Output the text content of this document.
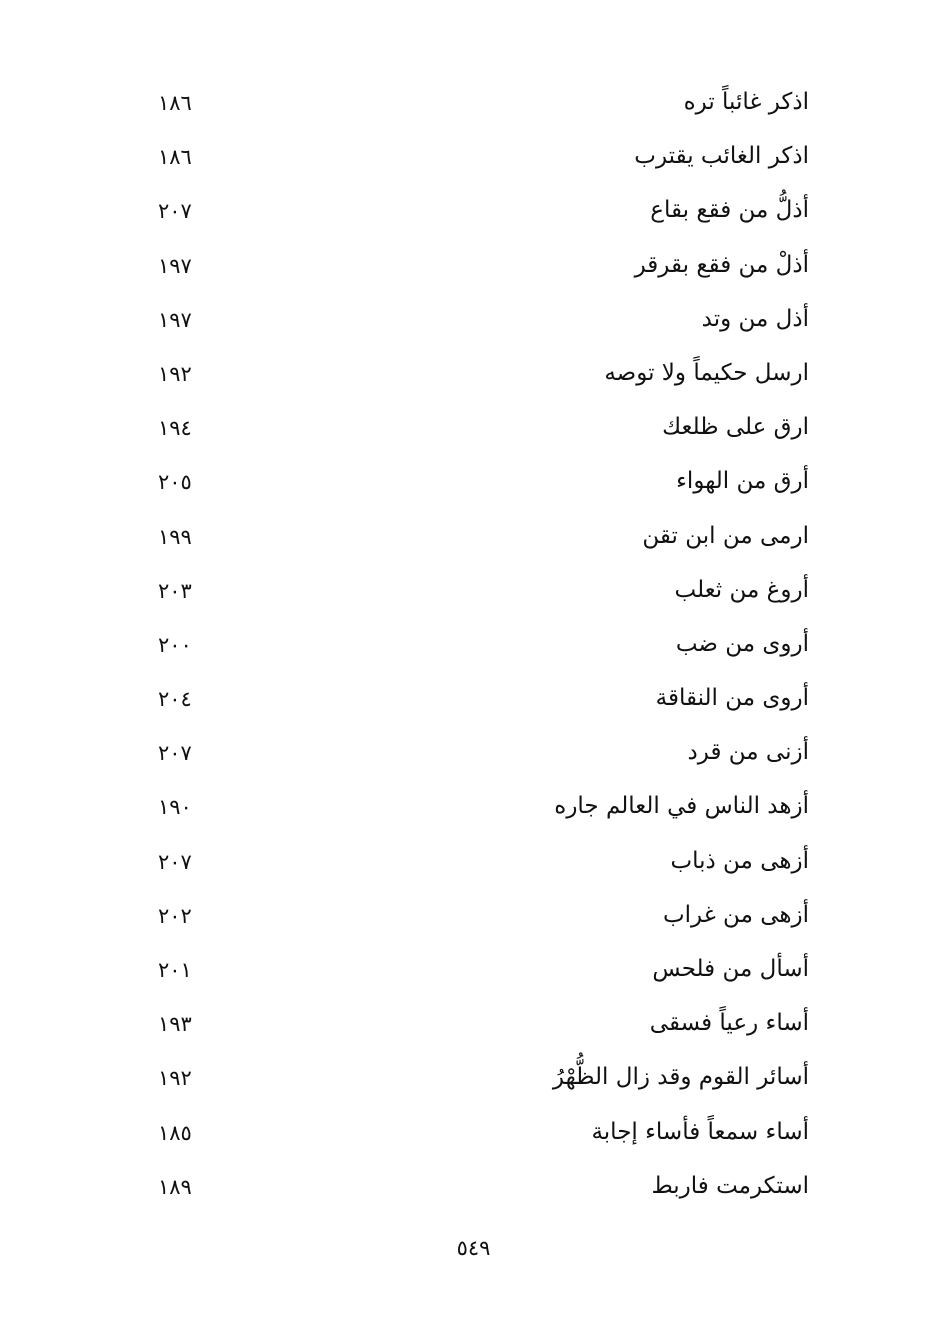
اذكر غائباً تره
١٨٦
اذكر الغائب يقترب
١٨٦
أذلُّ من فقع بقاع
٢٠٧
أذلْ من فقع بقرقر
١٩٧
أذل من وتد
١٩٧
ارسل حكيماً ولا توصه
١٩٢
ارق على ظلعك
١٩٤
أرق من الهواء
٢٠٥
ارمى من ابن تقن
١٩٩
أروغ من ثعلب
٢٠٣
أروى من ضب
٢٠٠
أروى من النقاقة
٢٠٤
أزنى من قرد
٢٠٧
أزهد الناس في العالم جاره
١٩٠
أزهى من ذباب
٢٠٧
أزهى من غراب
٢٠٢
أسأل من فلحس
٢٠١
أساء رعياً فسقى
١٩٣
أسائر القوم وقد زال الظُّهْرُ
١٩٢
أساء سمعاً فأساء إجابة
١٨٥
استكرمت فاربط
١٨٩
٥٤٩
